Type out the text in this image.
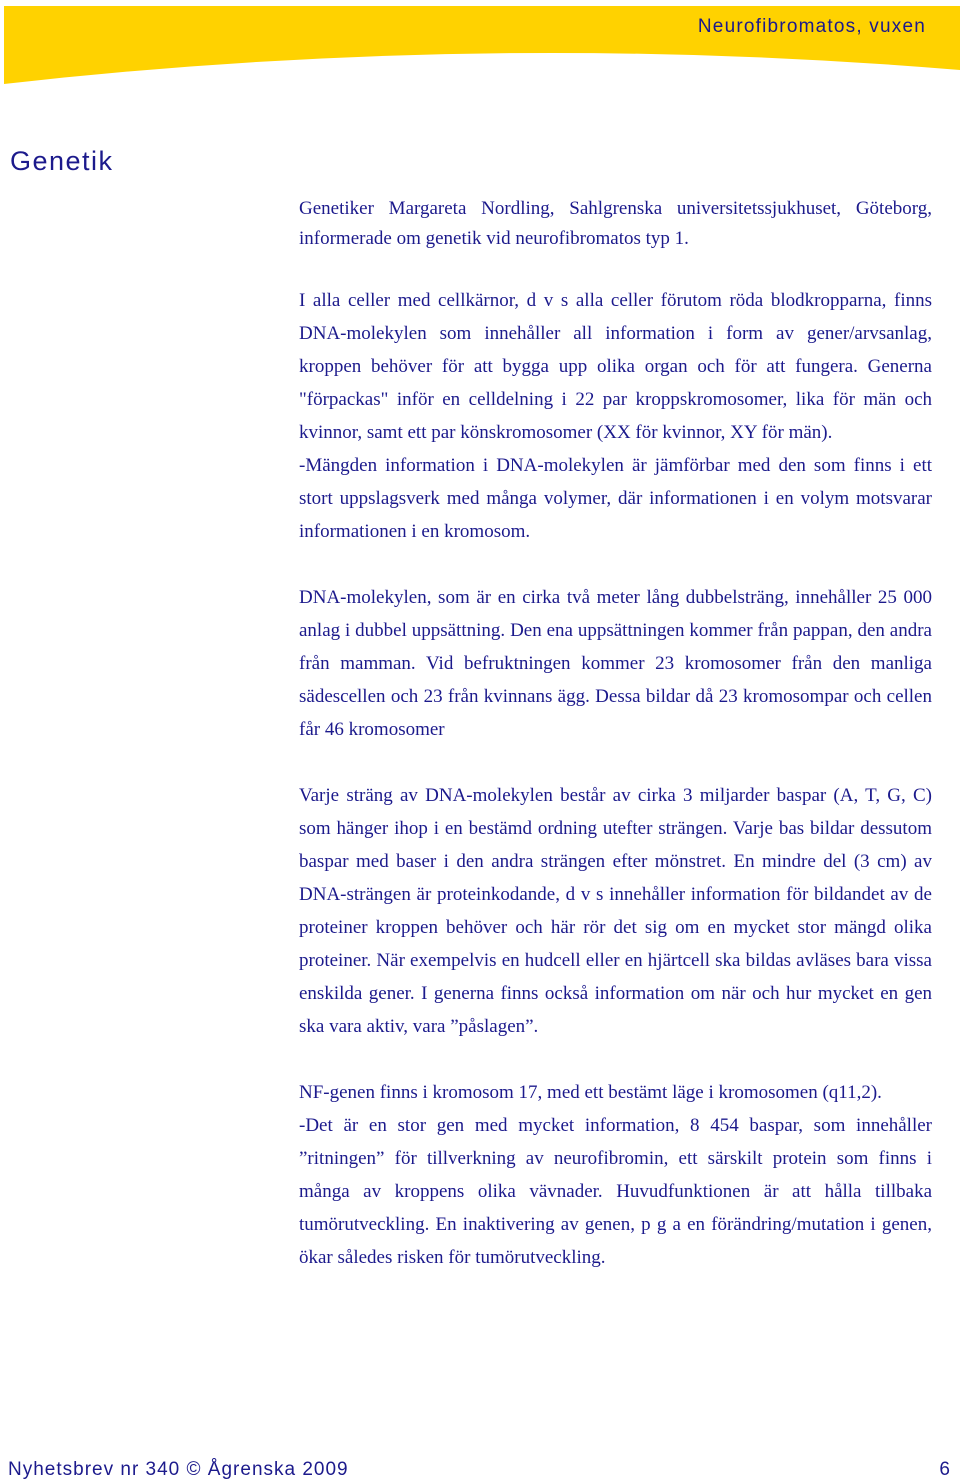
Neurofibromatos, vuxen
Genetik

Genetiker Margareta Nordling, Sahlgrenska universitetssjukhuset, Göteborg, informerade om genetik vid neurofibromatos typ 1.

I alla celler med cellkärnor, d v s alla celler förutom röda blodkropparna, finns DNA-molekylen som innehåller all information i form av gener/arvsanlag, kroppen behöver för att bygga upp olika organ och för att fungera. Generna "förpackas" inför en celldelning i 22 par kroppskromosomer, lika för män och kvinnor, samt ett par könskromosomer (XX för kvinnor, XY för män).

-Mängden information i DNA-molekylen är jämförbar med den som finns i ett stort uppslagsverk med många volymer, där informationen i en volym motsvarar informationen i en kromosom.

DNA-molekylen, som är en cirka två meter lång dubbelsträng, innehåller 25 000 anlag i dubbel uppsättning. Den ena uppsättningen kommer från pappan, den andra från mamman. Vid befruktningen kommer 23 kromosomer från den manliga sädescellen och 23 från kvinnans ägg. Dessa bildar då 23 kromosompar och cellen får 46 kromosomer

Varje sträng av DNA-molekylen består av cirka 3 miljarder baspar (A, T, G, C) som hänger ihop i en bestämd ordning utefter strängen. Varje bas bildar dessutom baspar med baser i den andra strängen efter mönstret. En mindre del (3 cm) av DNA-strängen är proteinkodande, d v s innehåller information för bildandet av de proteiner kroppen behöver och här rör det sig om en mycket stor mängd olika proteiner. När exempelvis en hudcell eller en hjärtcell ska bildas avläses bara vissa enskilda gener. I generna finns också information om när och hur mycket en gen ska vara aktiv, vara ”påslagen”.

NF-genen finns i kromosom 17, med ett bestämt läge i kromosomen (q11,2).

-Det är en stor gen med mycket information, 8 454 baspar, som innehåller ”ritningen” för tillverkning av neurofibromin, ett särskilt protein som finns i många av kroppens olika vävnader. Huvudfunktionen är att hålla tillbaka tumörutveckling. En inaktivering av genen, p g a en förändring/mutation i genen, ökar således risken för tumörutveckling.

Nyhetsbrev nr 340 © Ågrenska 2009	6
